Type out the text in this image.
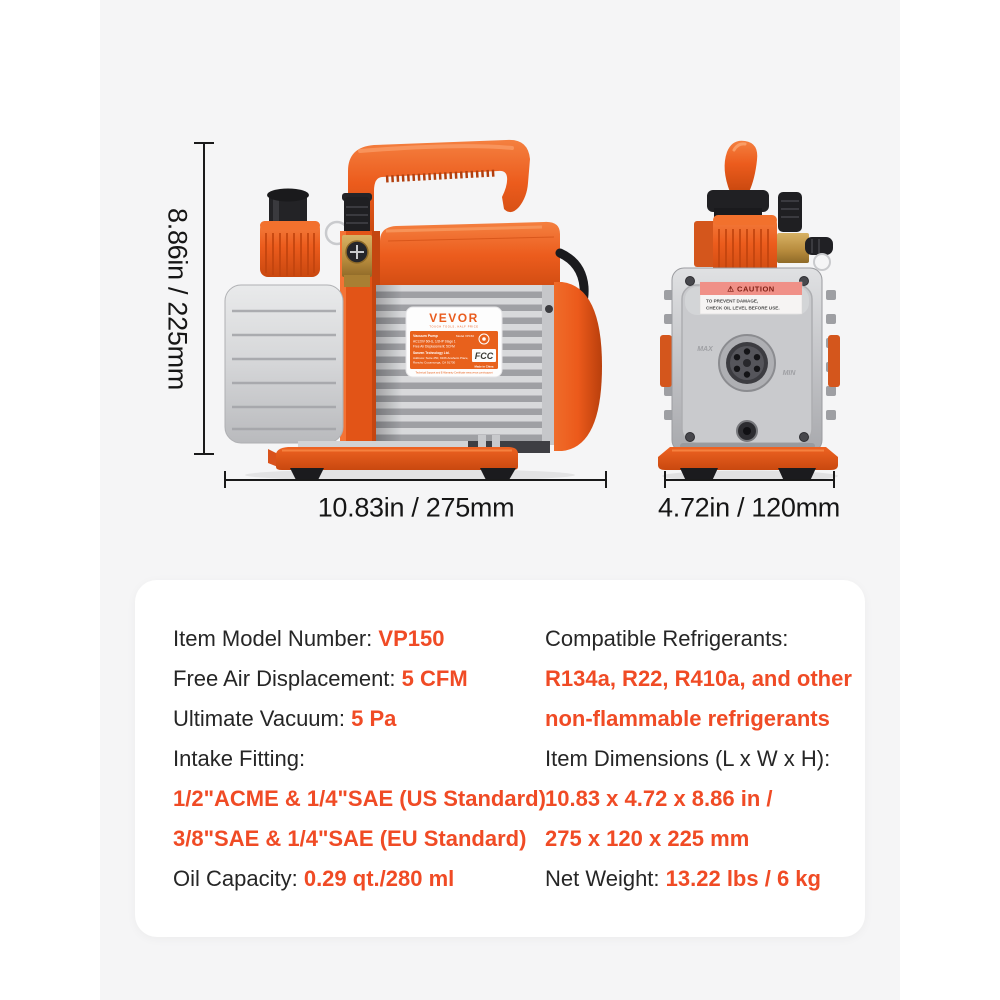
VEVOR
TOUGH TOOLS, HALF PRICE
Vacuum Pump	Model VP150
AC120V 60Hz, 1/2HP Stage 1
Free Air Displacement: 5CFM
Sanven Technology Ltd.
Address: Suite 250, 9166 Anaheim Place,
Rancho Cucamonga, CA 91730
FCC
Made in China
Technical Support and E-Warranty Certificate www.vevor.com/support
⚠ CAUTION
TO PREVENT DAMAGE,
CHECK OIL LEVEL BEFORE USE.
MAX
MIN
8.86in / 225mm
10.83in / 275mm	4.72in / 120mm
Item Model Number: VP150
Free Air Displacement: 5 CFM
Ultimate Vacuum: 5 Pa
Intake Fitting:
1/2"ACME & 1/4"SAE (US Standard)
3/8"SAE & 1/4"SAE (EU Standard)
Oil Capacity: 0.29 qt./280 ml
Compatible Refrigerants:
R134a, R22, R410a, and other
non-flammable refrigerants
Item Dimensions (L x W x H):
10.83 x 4.72 x 8.86 in /
275 x 120 x 225 mm
Net Weight: 13.22 lbs / 6 kg
